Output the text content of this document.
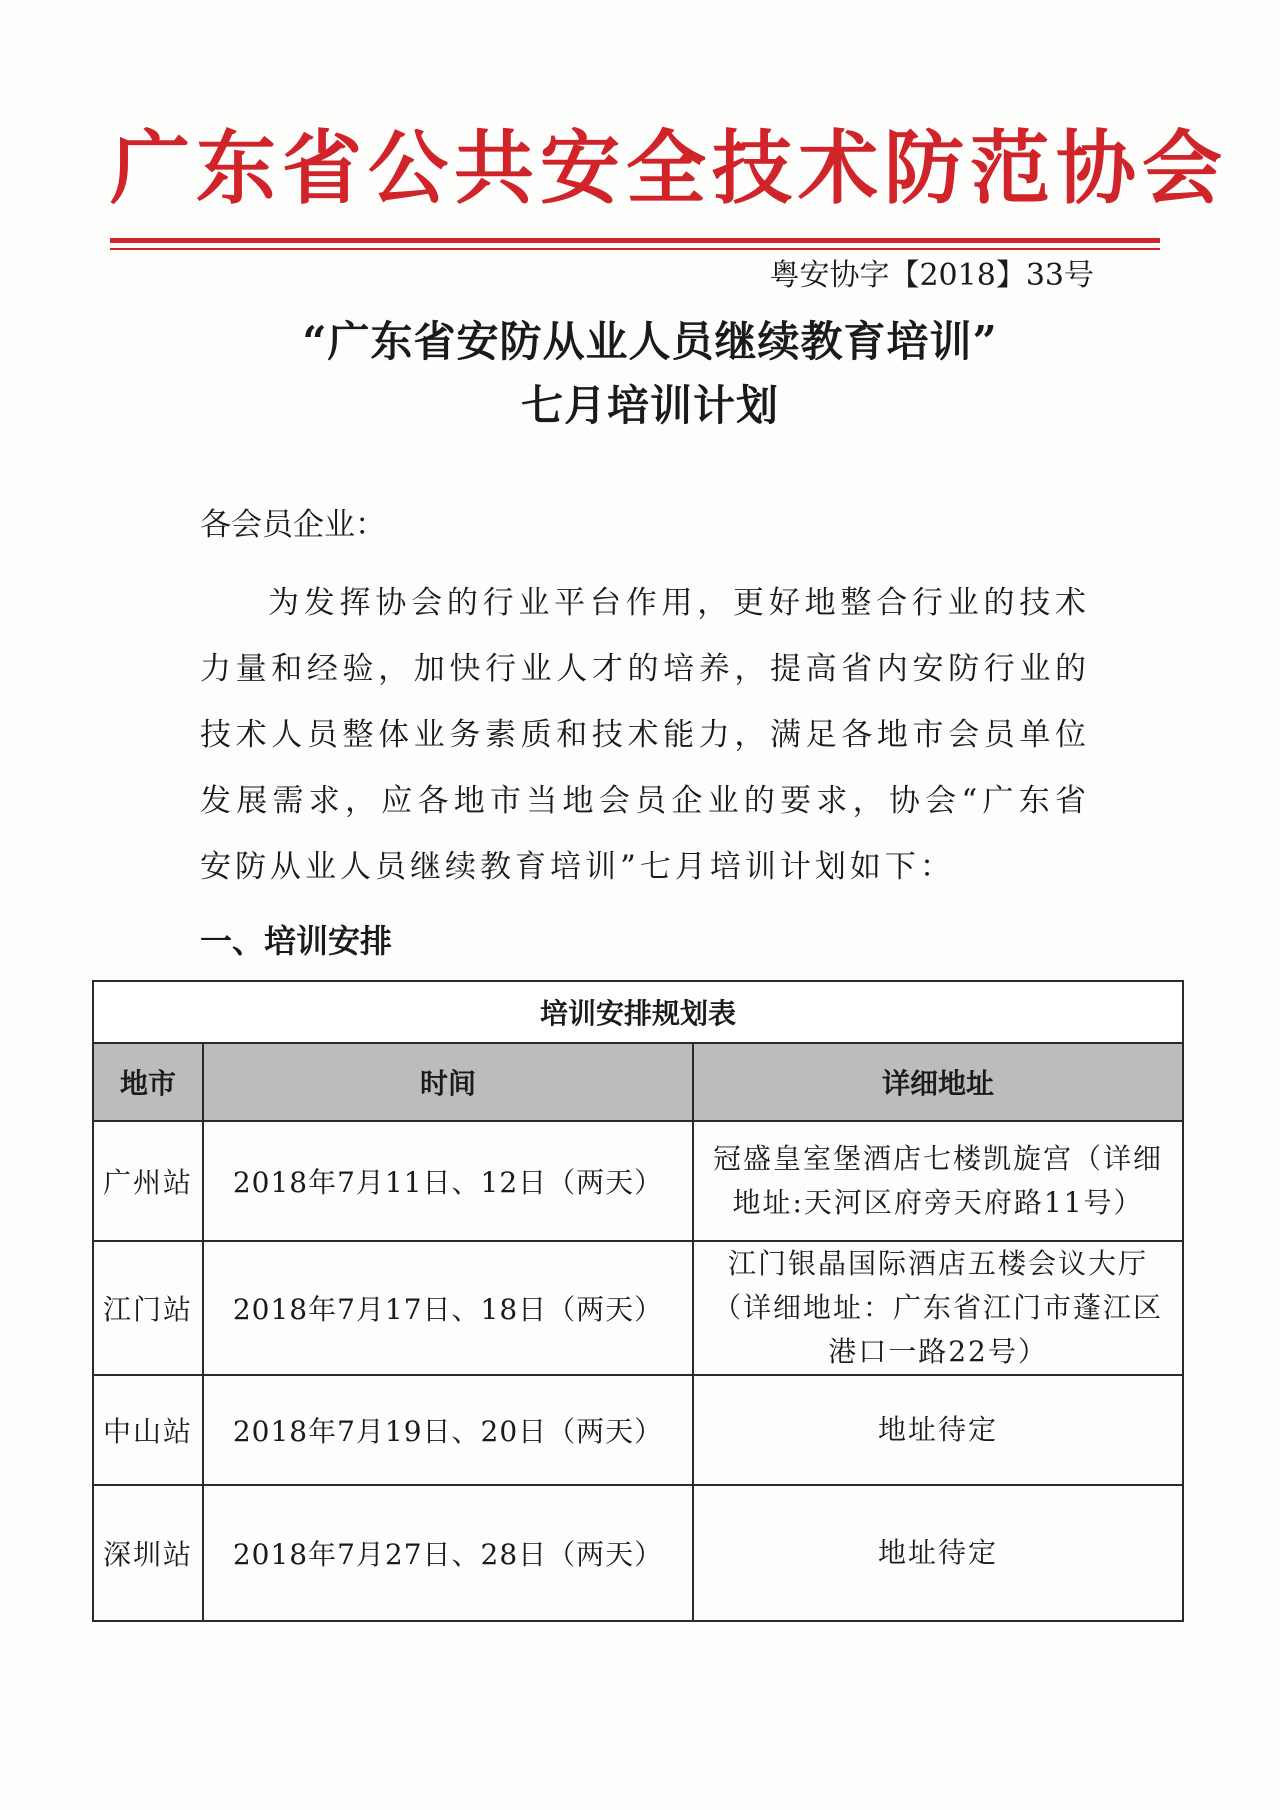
广东省公共安全技术防范协会
粤安协字【2018】33号
“广东省安防从业人员继续教育培训”
七月培训计划
各会员企业：
为发挥协会的行业平台作用，更好地整合行业的技术力量和经验，加快行业人才的培养，提高省内安防行业的技术人员整体业务素质和技术能力，满足各地市会员单位发展需求，应各地市当地会员企业的要求，协会“广东省安防从业人员继续教育培训”七月培训计划如下：
一、培训安排
培训安排规划表		
地市	时间	详细地址
广州站	2018年7月11日、12日（两天）	冠盛皇室堡酒店七楼凯旋宫（详细地址:天河区府旁天府路11号）
江门站	2018年7月17日、18日（两天）	江门银晶国际酒店五楼会议大厅（详细地址：广东省江门市蓬江区港口一路22号）
中山站	2018年7月19日、20日（两天）	地址待定
深圳站	2018年7月27日、28日（两天）	地址待定
